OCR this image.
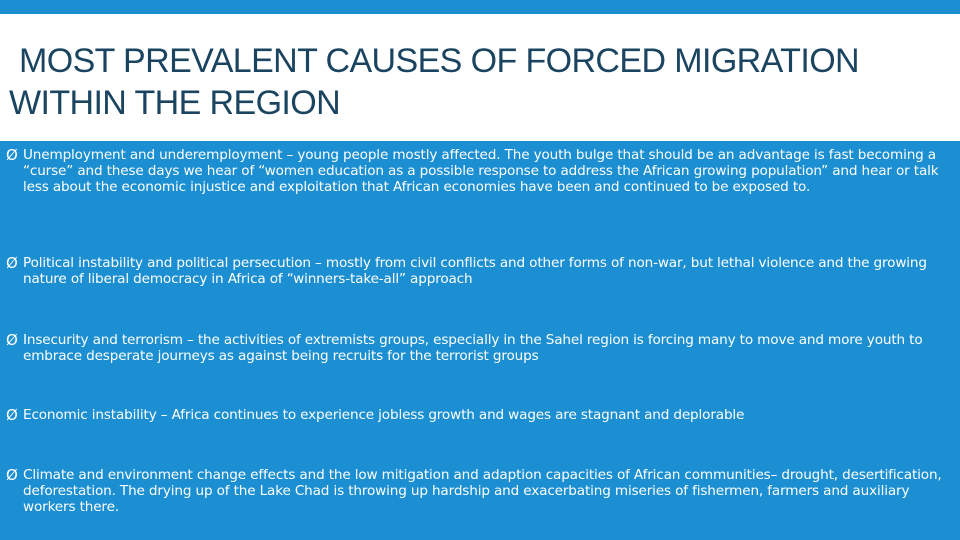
MOST PREVALENT CAUSES OF FORCED MIGRATION
WITHIN THE REGION
Ø Unemployment and underemployment – young people mostly affected. The youth bulge that should be an advantage is fast becoming a “curse” and these days we hear of “women education as a possible response to address the African growing population” and hear or talk less about the economic injustice and exploitation that African economies have been and continued to be exposed to.
Ø Political instability and political persecution – mostly from civil conflicts and other forms of non-war, but lethal violence and the growing nature of liberal democracy in Africa of “winners-take-all” approach
Ø Insecurity and terrorism – the activities of extremists groups, especially in the Sahel region is forcing many to move and more youth to embrace desperate journeys as against being recruits for the terrorist groups
Ø Economic instability – Africa continues to experience jobless growth and wages are stagnant and deplorable
Ø Climate and environment change effects and the low mitigation and adaption capacities of African communities– drought, desertification, deforestation. The drying up of the Lake Chad is throwing up hardship and exacerbating miseries of fishermen, farmers and auxiliary workers there.
